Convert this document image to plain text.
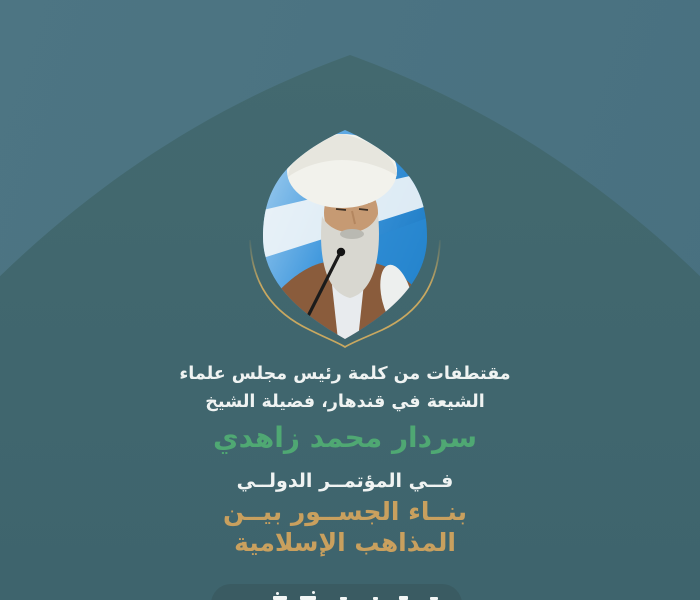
مقتطفات من كلمة رئيس مجلس علماء
الشيعة في قندهار، فضيلة الشيخ
سردار محمد زاهدي
فــي المؤتمــر الدولــي
بنــاء الجســور بيــن
المذاهب الإسلامية
